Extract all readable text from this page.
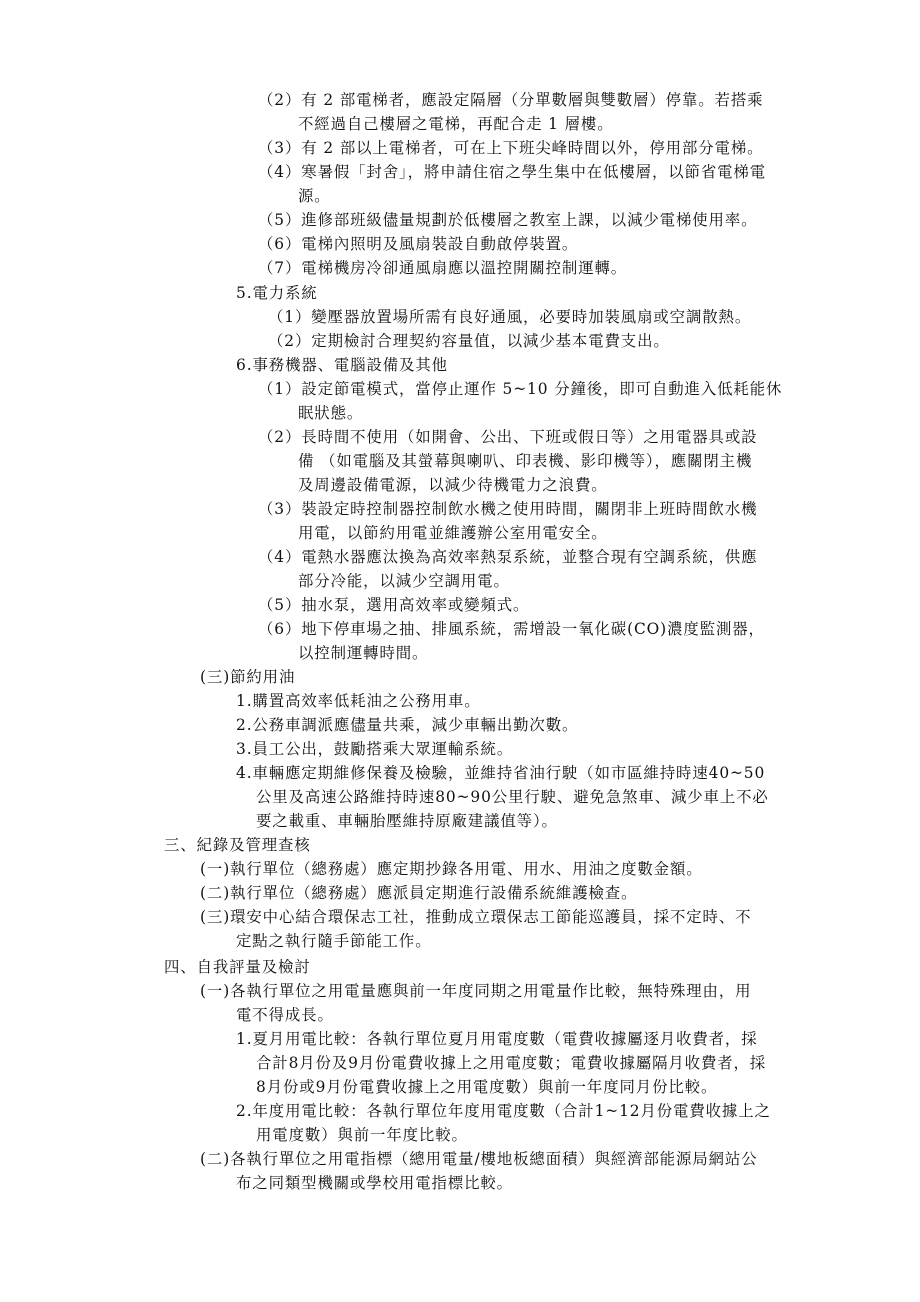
（2）有 2 部電梯者，應設定隔層（分單數層與雙數層）停靠。若搭乘
不經過自己樓層之電梯，再配合走 1 層樓。
（3）有 2 部以上電梯者，可在上下班尖峰時間以外，停用部分電梯。
（4）寒暑假「封舍」，將申請住宿之學生集中在低樓層，以節省電梯電
源。
（5）進修部班級儘量規劃於低樓層之教室上課，以減少電梯使用率。
（6）電梯內照明及風扇裝設自動啟停裝置。
（7）電梯機房冷卻通風扇應以溫控開關控制運轉。
5.電力系統
（1）變壓器放置場所需有良好通風，必要時加裝風扇或空調散熱。
（2）定期檢討合理契約容量值，以減少基本電費支出。
6.事務機器、電腦設備及其他
（1）設定節電模式，當停止運作 5~10 分鐘後，即可自動進入低耗能休
眠狀態。
（2）長時間不使用（如開會、公出、下班或假日等）之用電器具或設
備 （如電腦及其螢幕與喇叭、印表機、影印機等），應關閉主機
及周邊設備電源，以減少待機電力之浪費。
（3）裝設定時控制器控制飲水機之使用時間，關閉非上班時間飲水機
用電，以節約用電並維護辦公室用電安全。
（4）電熱水器應汰換為高效率熱泵系統，並整合現有空調系統，供應
部分冷能，以減少空調用電。
（5）抽水泵，選用高效率或變頻式。
（6）地下停車場之抽、排風系統，需增設一氧化碳(CO)濃度監測器，
以控制運轉時間。
(三)節約用油
1.購置高效率低耗油之公務用車。
2.公務車調派應儘量共乘，減少車輛出勤次數。
3.員工公出，鼓勵搭乘大眾運輸系統。
4.車輛應定期維修保養及檢驗，並維持省油行駛（如市區維持時速40~50
公里及高速公路維持時速80~90公里行駛、避免急煞車、減少車上不必
要之載重、車輛胎壓維持原廠建議值等）。
三、紀錄及管理查核
(一)執行單位（總務處）應定期抄錄各用電、用水、用油之度數金額。
(二)執行單位（總務處）應派員定期進行設備系統維護檢查。
(三)環安中心結合環保志工社，推動成立環保志工節能巡護員，採不定時、不
定點之執行隨手節能工作。
四、自我評量及檢討
(一)各執行單位之用電量應與前一年度同期之用電量作比較，無特殊理由，用
電不得成長。
1.夏月用電比較：各執行單位夏月用電度數（電費收據屬逐月收費者，採
合計8月份及9月份電費收據上之用電度數；電費收據屬隔月收費者，採
8月份或9月份電費收據上之用電度數）與前一年度同月份比較。
2.年度用電比較：各執行單位年度用電度數（合計1~12月份電費收據上之
用電度數）與前一年度比較。
(二)各執行單位之用電指標（總用電量/樓地板總面積）與經濟部能源局網站公
布之同類型機關或學校用電指標比較。
